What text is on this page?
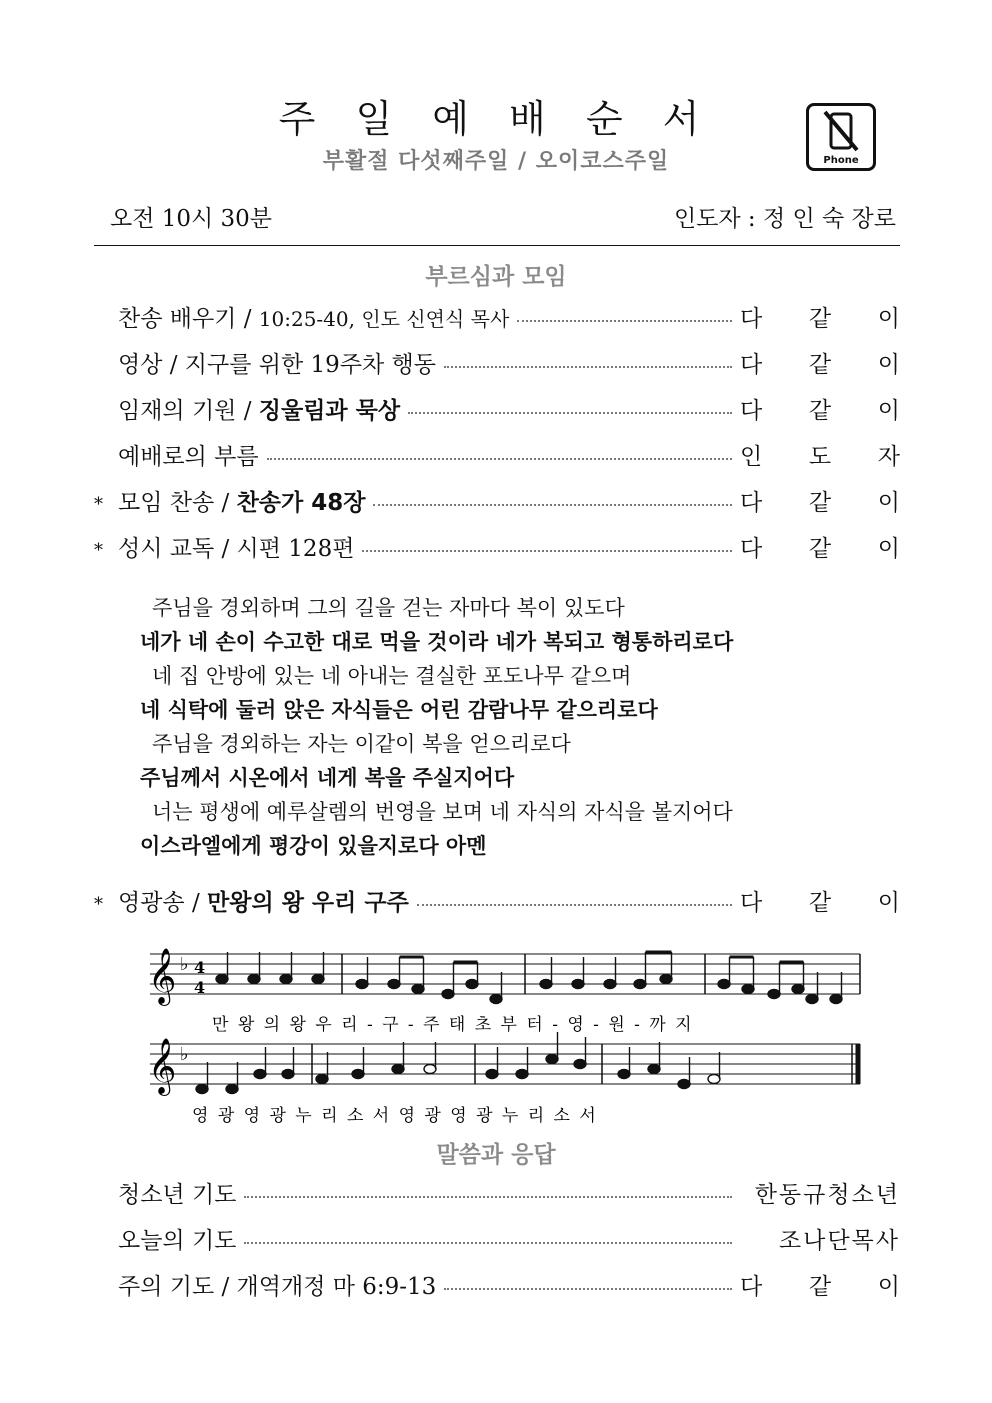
주 일 예 배 순 서
부활절 다섯째주일 / 오이코스주일	Phone
오전 10시 30분	인도자 : 정 인 숙 장로
부르심과 모임
찬송 배우기 / 10:25-40, 인도 신연식 목사	다 같 이
영상 / 지구를 위한 19주차 행동	다 같 이
임재의 기원 / 징울림과 묵상	다 같 이
예배로의 부름	인 도 자
* 모임 찬송 / 찬송가 48장	다 같 이
* 성시 교독 / 시편 128편	다 같 이
주님을 경외하며 그의 길을 걷는 자마다 복이 있도다
네가 네 손이 수고한 대로 먹을 것이라 네가 복되고 형통하리로다
네 집 안방에 있는 네 아내는 결실한 포도나무 같으며
네 식탁에 둘러 앉은 자식들은 어린 감람나무 같으리로다
주님을 경외하는 자는 이같이 복을 얻으리로다
주님께서 시온에서 네게 복을 주실지어다
너는 평생에 예루살렘의 번영을 보며 네 자식의 자식을 볼지어다
이스라엘에게 평강이 있을지로다 아멘
* 영광송 / 만왕의 왕 우리 구주	다 같 이
𝄞
𝄞
♭
♭
4
4
만 왕 의 왕 우 리 - 구 - 주 태 초 부 터 - 영 - 원 - 까 지
영 광 영 광 누 리 소 서 영 광 영 광 누 리 소 서
말씀과 응답
청소년 기도	한동규청소년
오늘의 기도	조나단목사
주의 기도 / 개역개정 마 6:9-13	다 같 이
